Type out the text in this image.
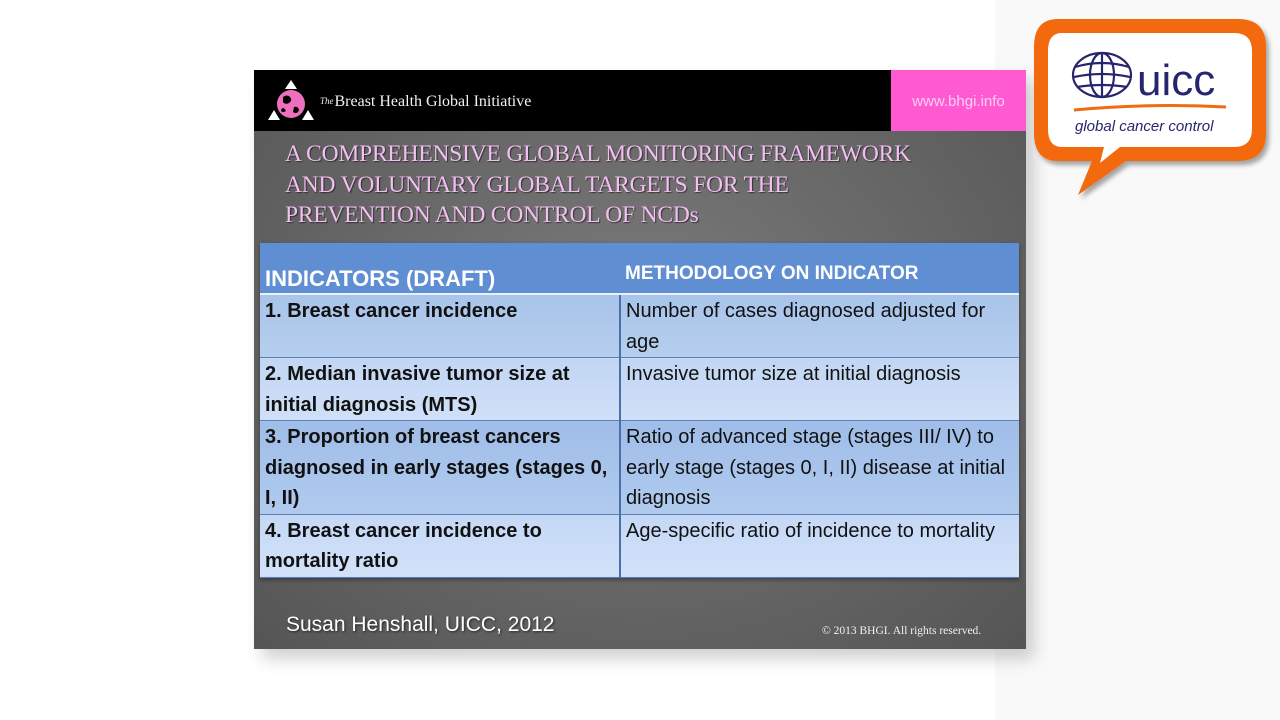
TheBreast Health Global Initiative	www.bhgi.info
A COMPREHENSIVE GLOBAL MONITORING FRAMEWORK
AND VOLUNTARY GLOBAL TARGETS FOR THE
PREVENTION AND CONTROL OF NCDs
INDICATORS (DRAFT)	METHODOLOGY ON INDICATOR
1. Breast cancer incidence	Number of cases diagnosed adjusted for age
2. Median invasive tumor size at initial diagnosis (MTS)	Invasive tumor size at initial diagnosis
3. Proportion of breast cancers diagnosed in early stages (stages 0, I, II)	Ratio of advanced stage (stages III/ IV) to early stage (stages 0, I, II) disease at initial diagnosis
4. Breast cancer incidence to mortality ratio	Age-specific ratio of incidence to mortality
Susan Henshall, UICC, 2012	© 2013 BHGI. All rights reserved.
uicc
global cancer control
